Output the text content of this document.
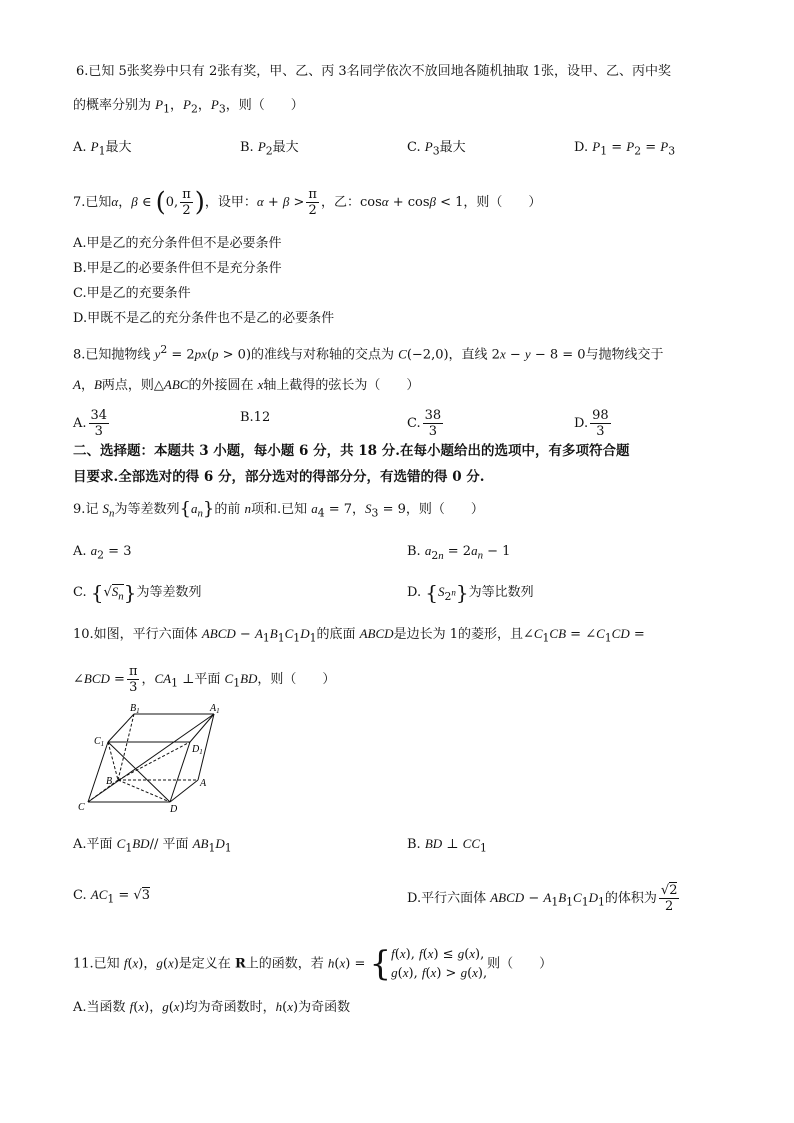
6.已知 5张奖券中只有 2张有奖，甲、乙、丙 3名同学依次不放回地各随机抽取 1张，设甲、乙、丙中奖
的概率分别为 $P_1$，$P_2$，$P_3$，则（　　）
A. $P_1$最大	B. $P_2$最大	C. $P_3$最大	D. $P_1 = P_2 = P_3$
7.已知α，β ∈ (0, $\frac{\pi}{2}$ )，设甲：$\alpha + \beta > \frac{\pi}{2}$ ，乙：cosα + cosβ < 1，则（　　）
A.甲是乙的充分条件但不是必要条件
B.甲是乙的必要条件但不是充分条件
C.甲是乙的充要条件
D.甲既不是乙的充分条件也不是乙的必要条件
8.已知抛物线 $y^2 = 2px(p > 0)$的准线与对称轴的交点为 C(−2,0)，直线 2x − y − 8 = 0与抛物线交于
A，B两点，则△ABC的外接圆在 x轴上截得的弦长为（　　）
A. $\frac{34}{3}$	B.12	C. $\frac{38}{3}$	D. $\frac{98}{3}$
二、选择题：本题共 3 小题，每小题 6 分，共 18 分.在每小题给出的选项中，有多项符合题
目要求.全部选对的得 6 分，部分选对的得部分分，有选错的得 0 分.
9.记 $S_n$为等差数列$\{a_n\}$的前 n项和.已知 $a_4 = 7$，$S_3 = 9$，则（　　）
A. $a_2 = 3$	B. $a_{2n} = 2a_n - 1$
C. $\{√S_n\}$为等差数列	D. $\{S_{2^n}\}$为等比数列
10.如图，平行六面体 ABCD − $A_1B_1C_1D_1$的底面 ABCD是边长为 1的菱形，且$\angle C_1CB$ = $\angle C_1CD$ =
∠BCD = $\frac{\pi}{3}$ ，$CA_1$ ⊥平面 $C_1BD$，则（　　）
$B_1$	$A_1$
$C_1$	$D_1$
B	A
C	D
A.平面 $C_1BD//$ 平面 $AB_1D_1$	B. BD ⊥ $CC_1$
C. $AC_1 = √3$	D.平行六面体 ABCD − $A_1B_1C_1D_1$的体积为 $\frac{√2}{2}$
11.已知 f(x)，g(x)是定义在 R上的函数，若 h(x) = { f(x), f(x) ≤ g(x),
g(x), f(x) > g(x),
则（　　）
A.当函数 f(x)，g(x)均为奇函数时，h(x)为奇函数
